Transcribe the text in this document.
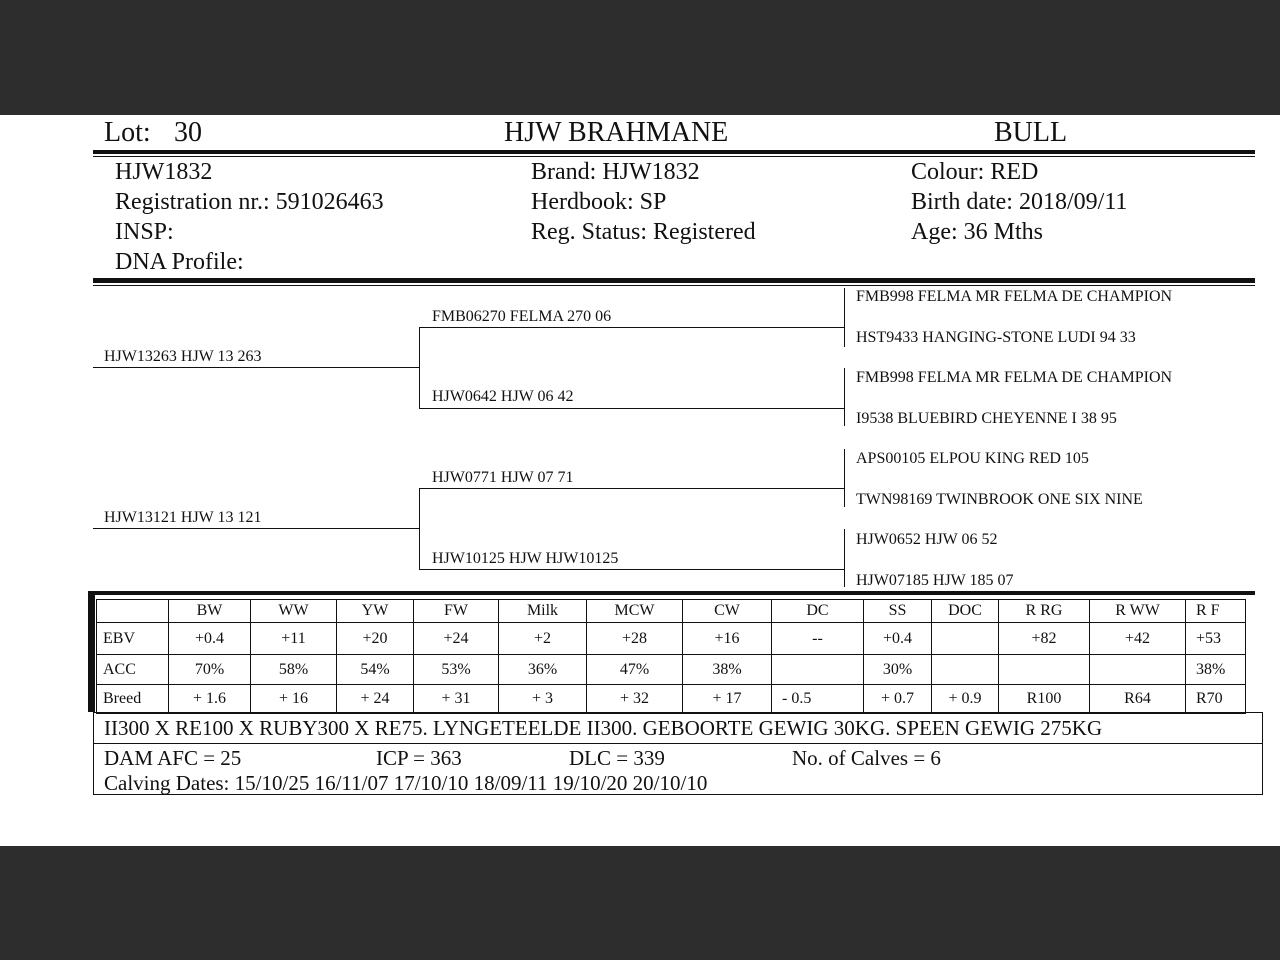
Lot: 30	HJW BRAHMANE	BULL
HJW1832
Registration nr.: 591026463
INSP:
DNA Profile:
Brand: HJW1832
Herdbook: SP
Reg. Status: Registered
Colour: RED
Birth date: 2018/09/11
Age: 36 Mths
HJW13263 HJW 13 263
HJW13121 HJW 13 121
FMB06270 FELMA 270 06
HJW0642 HJW 06 42
HJW0771 HJW 07 71
HJW10125 HJW HJW10125
FMB998 FELMA MR FELMA DE CHAMPION
HST9433 HANGING-STONE LUDI 94 33
FMB998 FELMA MR FELMA DE CHAMPION
I9538 BLUEBIRD CHEYENNE I 38 95
APS00105 ELPOU KING RED 105
TWN98169 TWINBROOK ONE SIX NINE
HJW0652 HJW 06 52
HJW07185 HJW 185 07
	BW	WW	YW	FW	Milk	MCW	CW	DC	SS	DOC	R RG	R WW	R F
EBV	+0.4	+11	+20	+24	+2	+28	+16	--	+0.4		+82	+42	+53
ACC	70%	58%	54%	53%	36%	47%	38%		30%				38%
Breed	+ 1.6	+ 16	+ 24	+ 31	+ 3	+ 32	+ 17	- 0.5	+ 0.7	+ 0.9	R100	R64	R70
II300 X RE100 X RUBY300 X RE75. LYNGETEELDE II300. GEBOORTE GEWIG 30KG. SPEEN GEWIG 275KG
DAM AFC = 25	ICP = 363	DLC = 339	No. of Calves = 6
Calving Dates: 15/10/25 16/11/07 17/10/10 18/09/11 19/10/20 20/10/10
